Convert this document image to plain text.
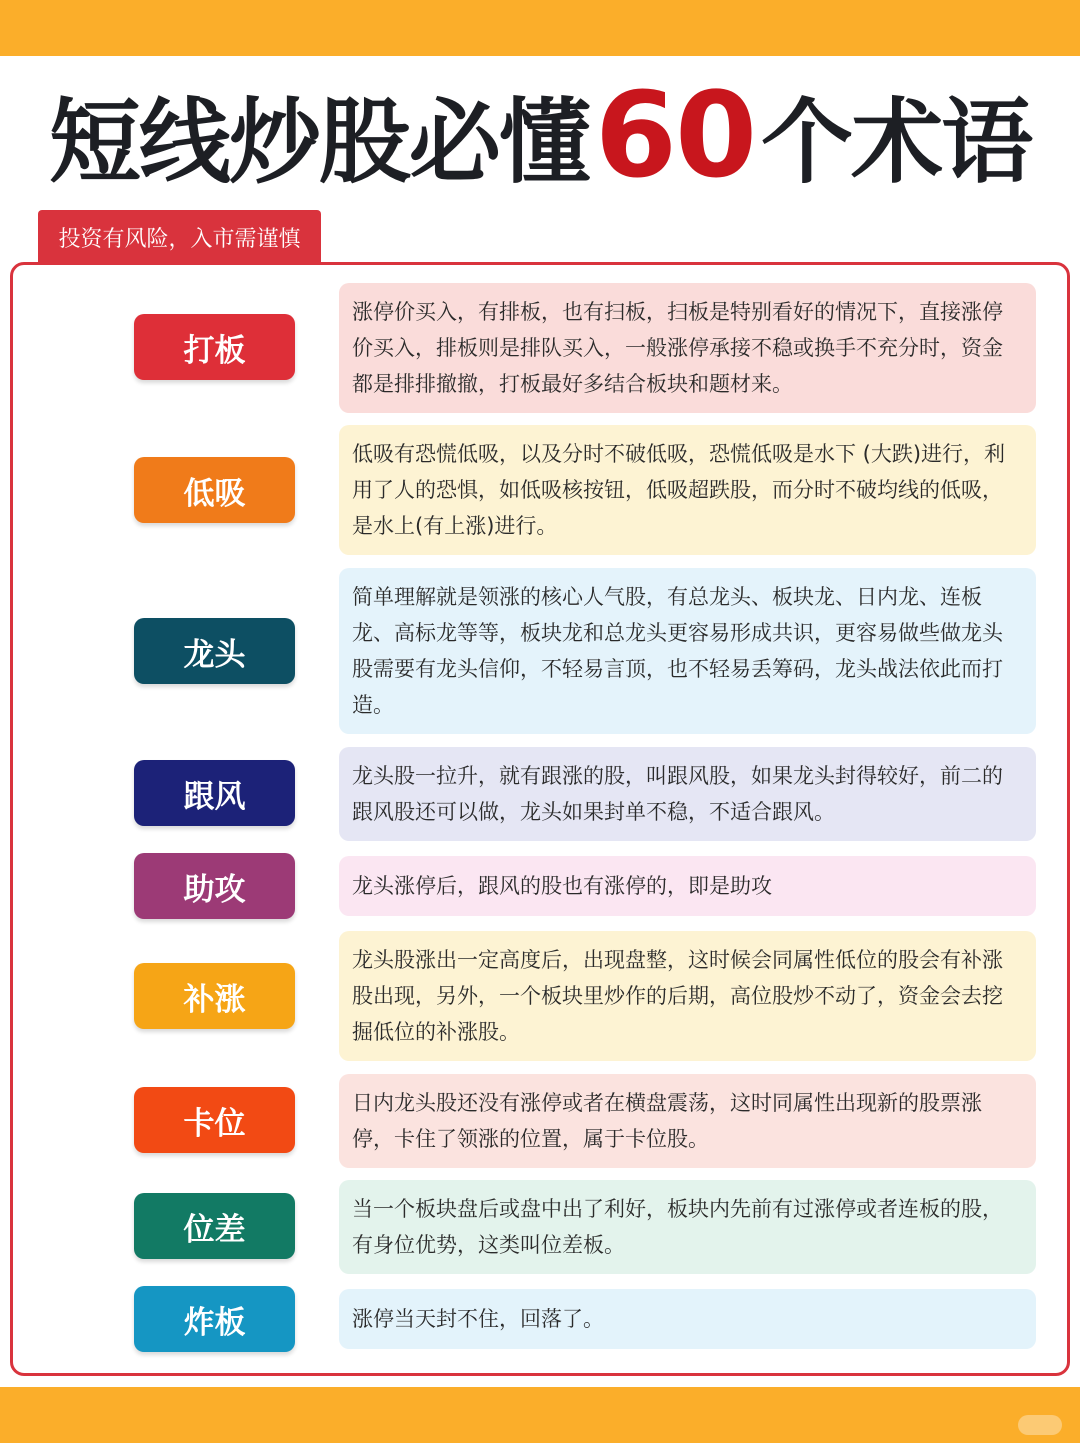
短线炒股必懂 60 个术语
投资有风险，入市需谨慎
打板
涨停价买入，有排板，也有扫板，扫板是特别看好的情况下，直接涨停价买入，排板则是排队买入，一般涨停承接不稳或换手不充分时，资金都是排排撤撤，打板最好多结合板块和题材来。
低吸
低吸有恐慌低吸，以及分时不破低吸，恐慌低吸是水下 (大跌)进行，利用了人的恐惧，如低吸核按钮，低吸超跌股，而分时不破均线的低吸，是水上(有上涨)进行。
龙头
简单理解就是领涨的核心人气股，有总龙头、板块龙、日内龙、连板龙、高标龙等等，板块龙和总龙头更容易形成共识，更容易做些做龙头股需要有龙头信仰，不轻易言顶，也不轻易丢筹码，龙头战法依此而打造。
跟风
龙头股一拉升，就有跟涨的股，叫跟风股，如果龙头封得较好，前二的跟风股还可以做，龙头如果封单不稳，不适合跟风。
助攻	龙头涨停后，跟风的股也有涨停的，即是助攻
补涨
龙头股涨出一定高度后，出现盘整，这时候会同属性低位的股会有补涨股出现，另外，一个板块里炒作的后期，高位股炒不动了，资金会去挖掘低位的补涨股。
卡位
日内龙头股还没有涨停或者在横盘震荡，这时同属性出现新的股票涨停，卡住了领涨的位置，属于卡位股。
位差
当一个板块盘后或盘中出了利好，板块内先前有过涨停或者连板的股，有身位优势，这类叫位差板。
炸板	涨停当天封不住，回落了。
